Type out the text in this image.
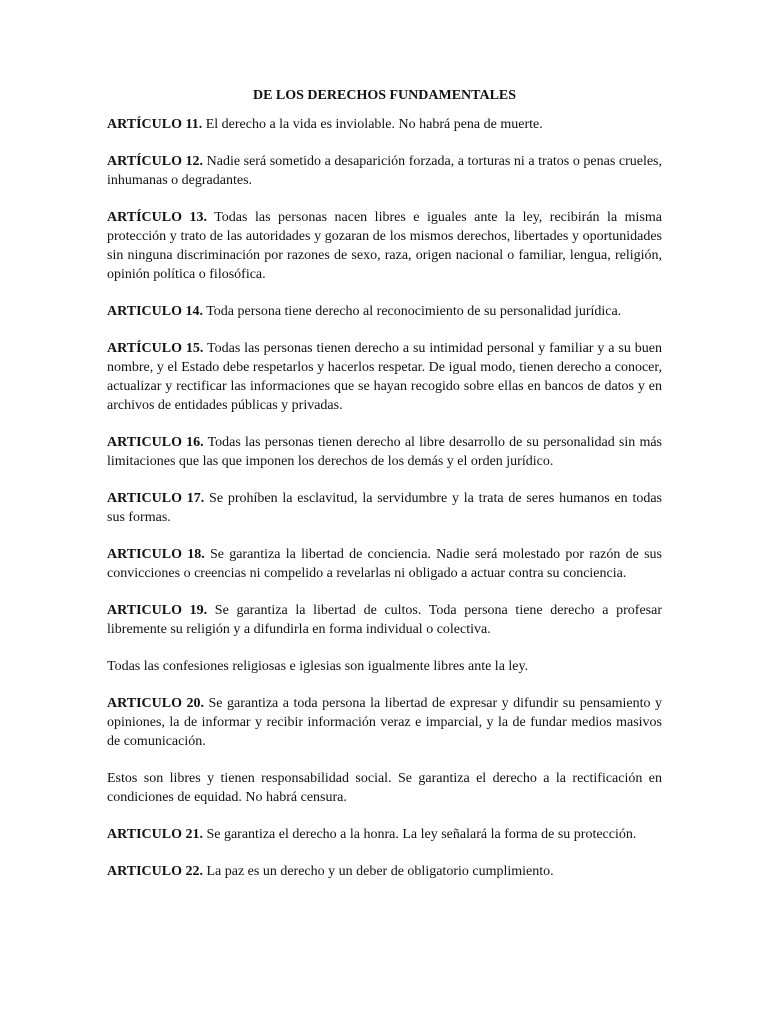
DE LOS DERECHOS FUNDAMENTALES

ARTÍCULO 11. El derecho a la vida es inviolable. No habrá pena de muerte.

ARTÍCULO 12. Nadie será sometido a desaparición forzada, a torturas ni a tratos o penas crueles, inhumanas o degradantes.

ARTÍCULO 13. Todas las personas nacen libres e iguales ante la ley, recibirán la misma protección y trato de las autoridades y gozaran de los mismos derechos, libertades y oportunidades sin ninguna discriminación por razones de sexo, raza, origen nacional o familiar, lengua, religión, opinión política o filosófica.

ARTICULO 14. Toda persona tiene derecho al reconocimiento de su personalidad jurídica.

ARTÍCULO 15. Todas las personas tienen derecho a su intimidad personal y familiar y a su buen nombre, y el Estado debe respetarlos y hacerlos respetar. De igual modo, tienen derecho a conocer, actualizar y rectificar las informaciones que se hayan recogido sobre ellas en bancos de datos y en archivos de entidades públicas y privadas.

ARTICULO 16. Todas las personas tienen derecho al libre desarrollo de su personalidad sin más limitaciones que las que imponen los derechos de los demás y el orden jurídico.

ARTICULO 17. Se prohíben la esclavitud, la servidumbre y la trata de seres humanos en todas sus formas.

ARTICULO 18. Se garantiza la libertad de conciencia. Nadie será molestado por razón de sus convicciones o creencias ni compelido a revelarlas ni obligado a actuar contra su conciencia.

ARTICULO 19. Se garantiza la libertad de cultos. Toda persona tiene derecho a profesar libremente su religión y a difundirla en forma individual o colectiva.

Todas las confesiones religiosas e iglesias son igualmente libres ante la ley.

ARTICULO 20. Se garantiza a toda persona la libertad de expresar y difundir su pensamiento y opiniones, la de informar y recibir información veraz e imparcial, y la de fundar medios masivos de comunicación.

Estos son libres y tienen responsabilidad social. Se garantiza el derecho a la rectificación en condiciones de equidad. No habrá censura.

ARTICULO 21. Se garantiza el derecho a la honra. La ley señalará la forma de su protección.

ARTICULO 22. La paz es un derecho y un deber de obligatorio cumplimiento.
